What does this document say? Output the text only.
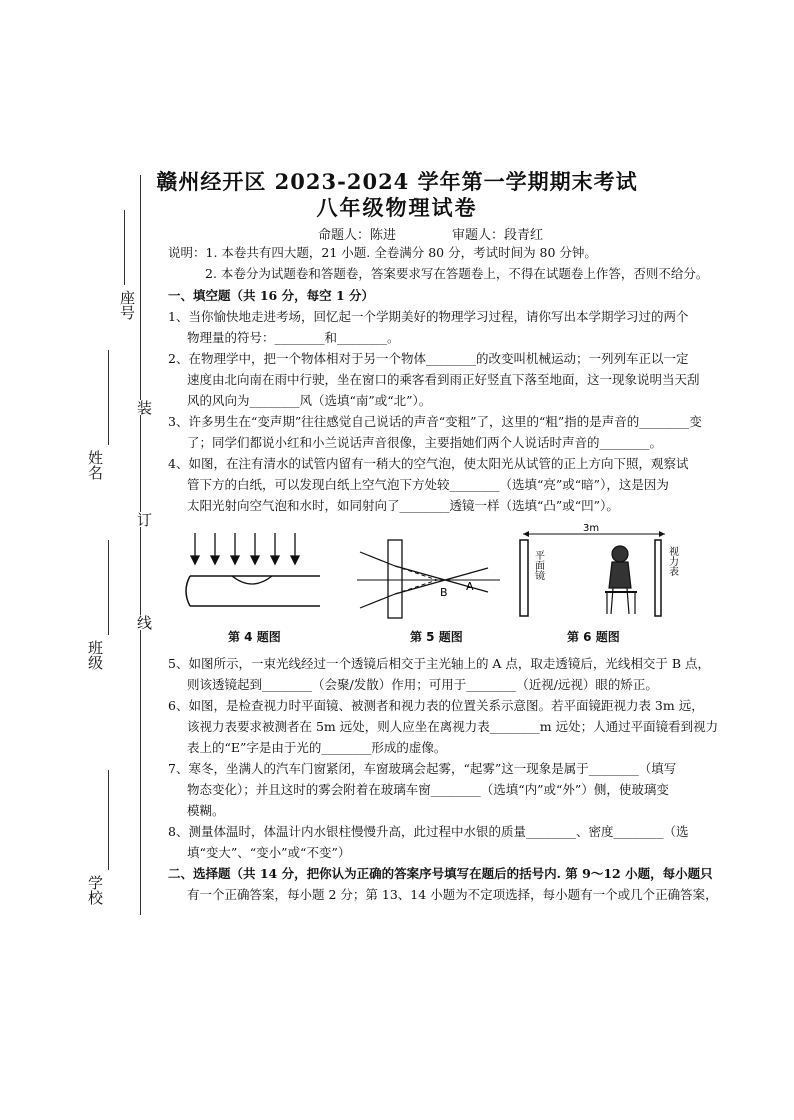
座号
姓名
班级
学校
装
订
线
赣州经开区 2023-2024 学年第一学期期末考试
八年级物理试卷
命题人：陈进	审题人：段青红
说明：1. 本卷共有四大题，21 小题. 全卷满分 80 分，考试时间为 80 分钟。
2. 本卷分为试题卷和答题卷，答案要求写在答题卷上，不得在试题卷上作答，否则不给分。
一、填空题（共 16 分，每空 1 分）
1、当你愉快地走进考场，回忆起一个学期美好的物理学习过程，请你写出本学期学习过的两个
物理量的符号：________和________。
2、在物理学中，把一个物体相对于另一个物体________的改变叫机械运动；一列列车正以一定
速度由北向南在雨中行驶，坐在窗口的乘客看到雨正好竖直下落至地面，这一现象说明当天刮
风的风向为________风（选填“南”或“北”）。
3、许多男生在“变声期”往往感觉自己说话的声音“变粗”了，这里的“粗”指的是声音的________变
了；同学们都说小红和小兰说话声音很像，主要指她们两个人说话时声音的________。
4、如图，在注有清水的试管内留有一稍大的空气泡，使太阳光从试管的正上方向下照，观察试
管下方的白纸，可以发现白纸上空气泡下方处较________（选填“亮”或“暗”），这是因为
太阳光射向空气泡和水时，如同射向了________透镜一样（选填“凸”或“凹”）。
第 4 题图
B A
第 5 题图
3m
平面镜	视力表
第 6 题图
5、如图所示，一束光线经过一个透镜后相交于主光轴上的 A 点，取走透镜后，光线相交于 B 点，
则该透镜起到________（会聚/发散）作用；可用于________（近视/远视）眼的矫正。
6、如图，是检查视力时平面镜、被测者和视力表的位置关系示意图。若平面镜距视力表 3m 远，
该视力表要求被测者在 5m 远处，则人应坐在离视力表________m 远处；人通过平面镜看到视力
表上的“E”字是由于光的________形成的虚像。
7、寒冬，坐满人的汽车门窗紧闭，车窗玻璃会起雾，“起雾”这一现象是属于________（填写
物态变化）；并且这时的雾会附着在玻璃车窗________（选填“内”或“外”）侧，使玻璃变
模糊。
8、测量体温时，体温计内水银柱慢慢升高，此过程中水银的质量________、密度________（选
填“变大”、“变小”或“不变”）
二、选择题（共 14 分，把你认为正确的答案序号填写在题后的括号内. 第 9～12 小题，每小题只
有一个正确答案，每小题 2 分；第 13、14 小题为不定项选择，每小题有一个或几个正确答案，
